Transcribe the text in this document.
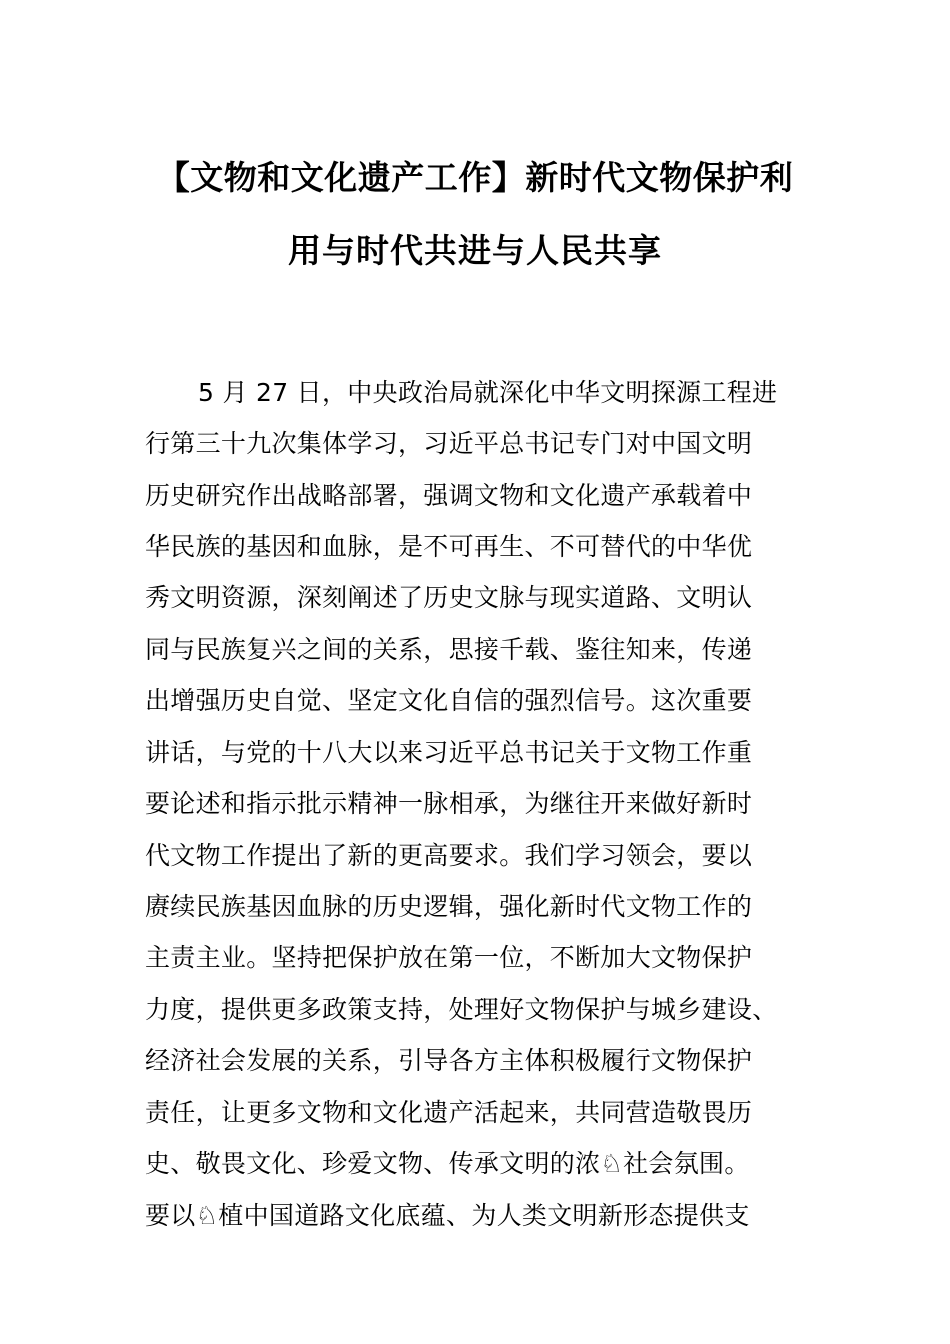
【文物和文化遗产工作】新时代文物保护利
用与时代共进与人民共享
5 月 27 日，中央政治局就深化中华文明探源工程进
行第三十九次集体学习，习近平总书记专门对中国文明
历史研究作出战略部署，强调文物和文化遗产承载着中
华民族的基因和血脉，是不可再生、不可替代的中华优
秀文明资源，深刻阐述了历史文脉与现实道路、文明认
同与民族复兴之间的关系，思接千载、鉴往知来，传递
出增强历史自觉、坚定文化自信的强烈信号。这次重要
讲话，与党的十八大以来习近平总书记关于文物工作重
要论述和指示批示精神一脉相承，为继往开来做好新时
代文物工作提出了新的更高要求。我们学习领会，要以
赓续民族基因血脉的历史逻辑，强化新时代文物工作的
主责主业。坚持把保护放在第一位，不断加大文物保护
力度，提供更多政策支持，处理好文物保护与城乡建设、
经济社会发展的关系，引导各方主体积极履行文物保护
责任，让更多文物和文化遗产活起来，共同营造敬畏历
史、敬畏文化、珍爱文物、传承文明的浓♘社会氛围。
要以♘植中国道路文化底蕴、为人类文明新形态提供支
